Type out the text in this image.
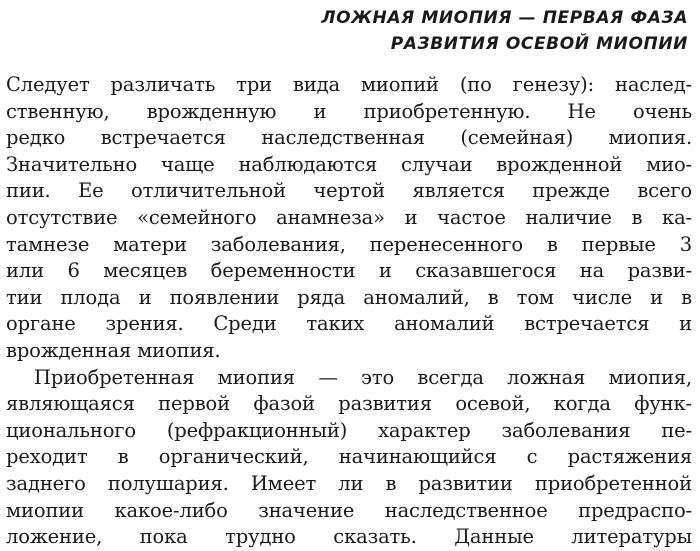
ЛОЖНАЯ МИОПИЯ — ПЕРВАЯ ФАЗА
РАЗВИТИЯ ОСЕВОЙ МИОПИИ
Следует различать три вида миопий (по генезу): наслед-
ственную, врожденную и приобретенную. Не очень
редко встречается наследственная (семейная) миопия.
Значительно чаще наблюдаются случаи врожденной мио-
пии. Ее отличительной чертой является прежде всего
отсутствие «семейного анамнеза» и частое наличие в ка-
тамнезе матери заболевания, перенесенного в первые 3
или 6 месяцев беременности и сказавшегося на разви-
тии плода и появлении ряда аномалий, в том числе и в
органе зрения. Среди таких аномалий встречается и
врожденная миопия.
Приобретенная миопия — это всегда ложная миопия,
являющаяся первой фазой развития осевой, когда функ-
ционального (рефракционный) характер заболевания пе-
реходит в органический, начинающийся с растяжения
заднего полушария. Имеет ли в развитии приобретенной
миопии какое-либо значение наследственное предраспо-
ложение, пока трудно сказать. Данные литературы
